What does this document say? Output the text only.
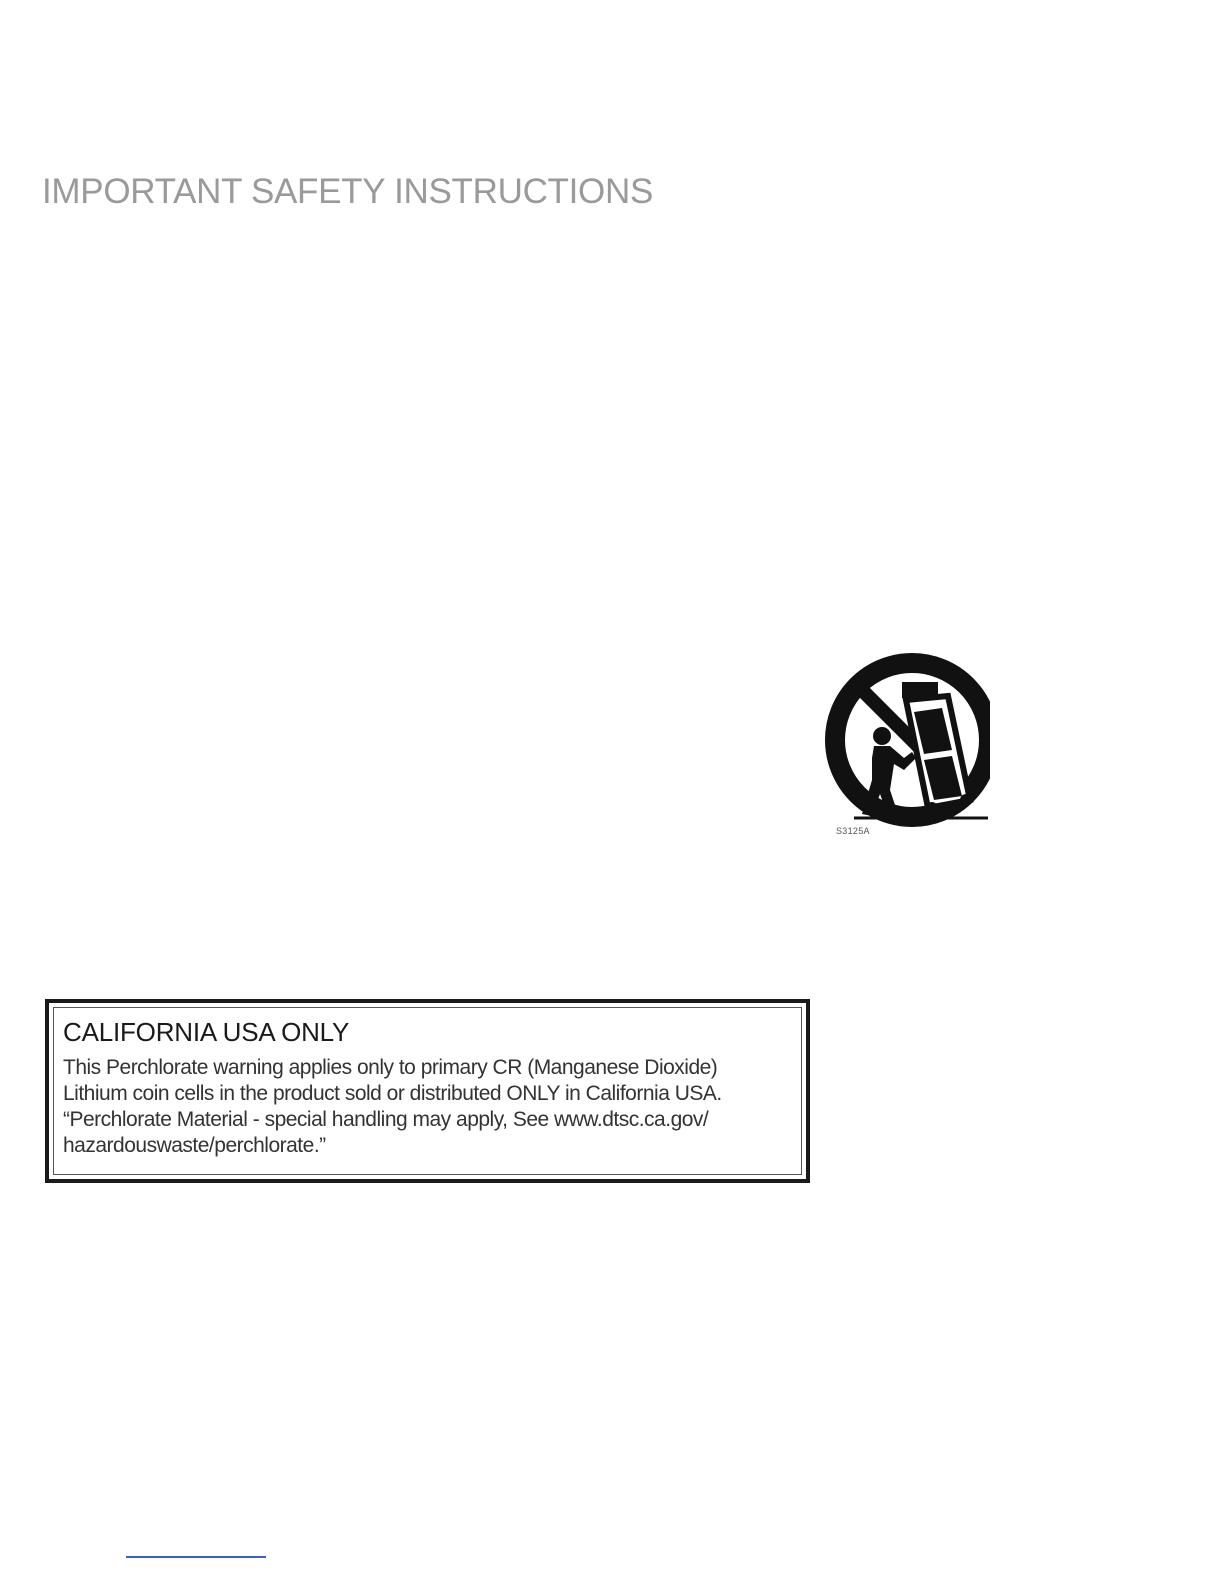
IMPORTANT SAFETY INSTRUCTIONS
S3125A
CALIFORNIA USA ONLY
This Perchlorate warning applies only to primary CR (Manganese Dioxide)
Lithium coin cells in the product sold or distributed ONLY in California USA.
“Perchlorate Material - special handling may apply, See www.dtsc.ca.gov/
hazardouswaste/perchlorate.”
